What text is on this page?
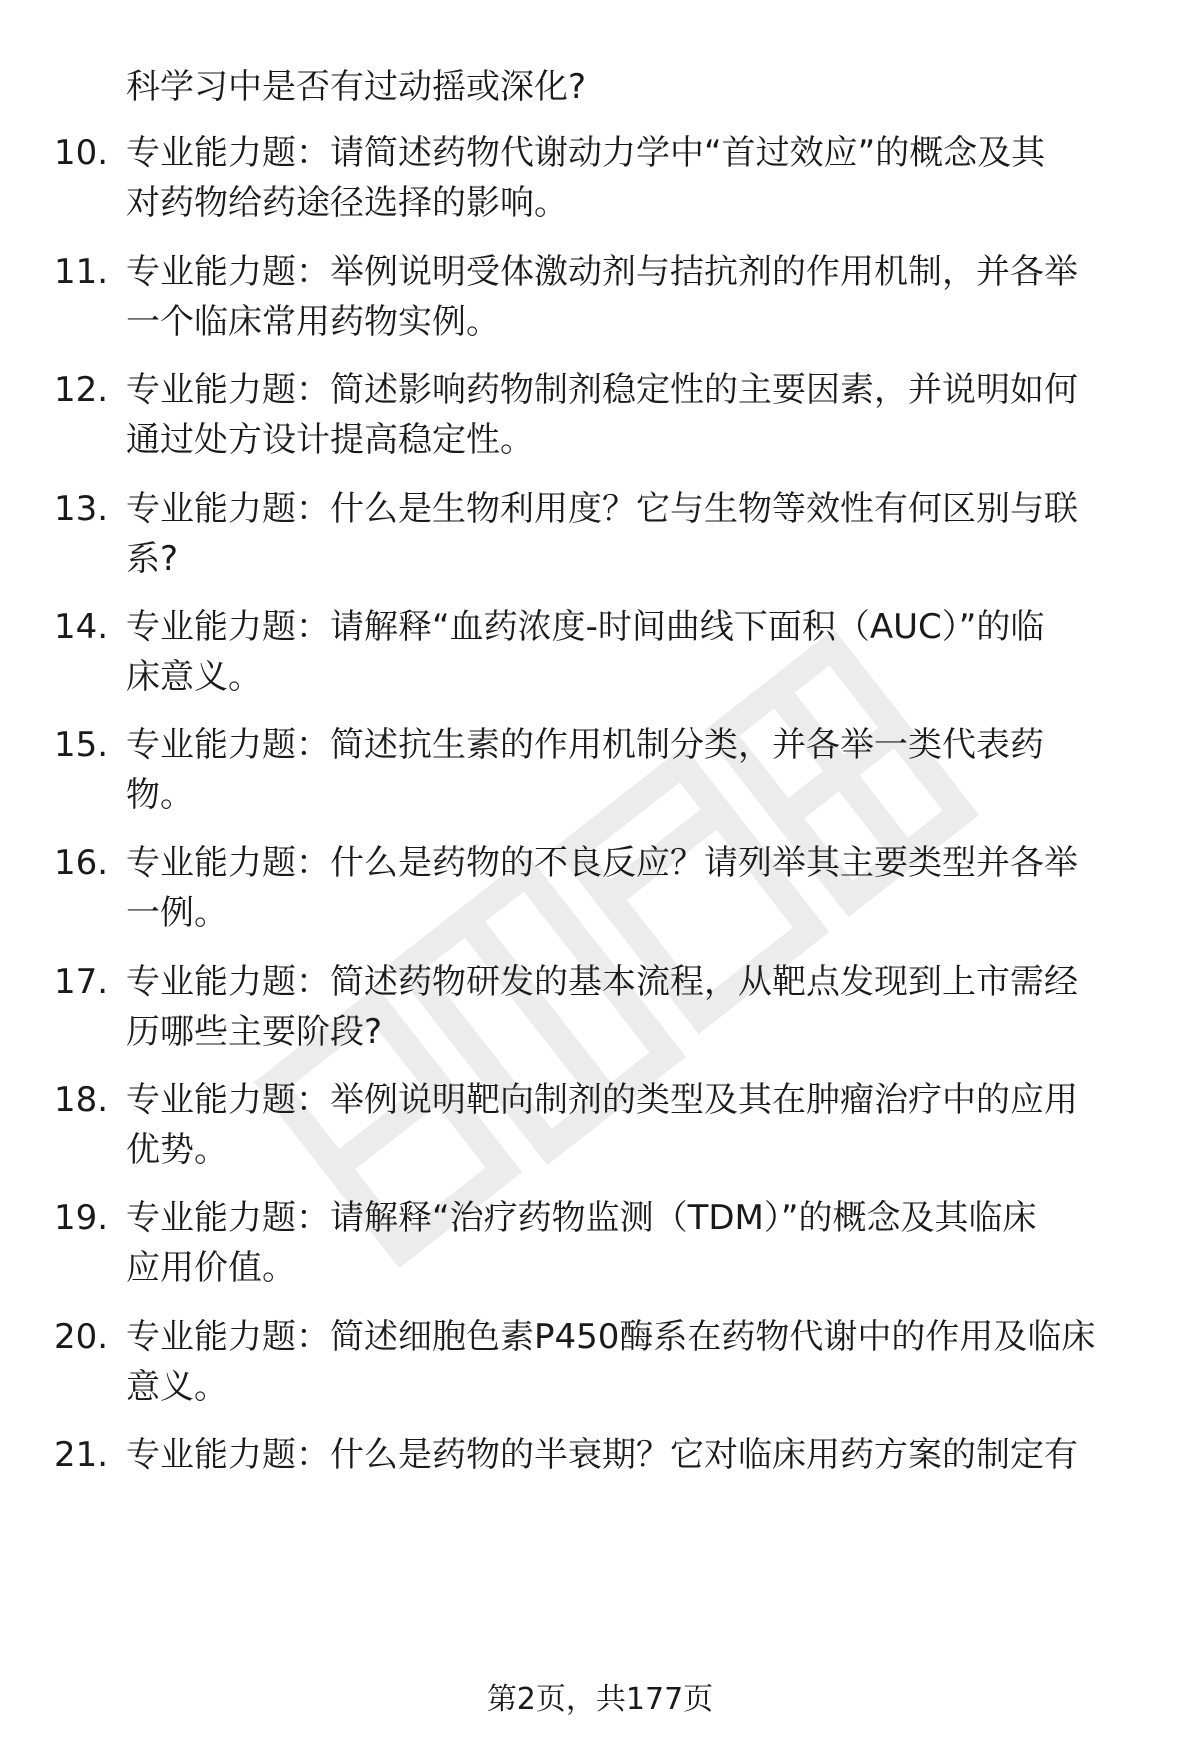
科学习中是否有过动摇或深化?

10. 专业能力题：请简述药物代谢动力学中“首过效应”的概念及其
对药物给药途径选择的影响。

11. 专业能力题：举例说明受体激动剂与拮抗剂的作用机制，并各举
一个临床常用药物实例。

12. 专业能力题：简述影响药物制剂稳定性的主要因素，并说明如何
通过处方设计提高稳定性。

13. 专业能力题：什么是生物利用度？它与生物等效性有何区别与联
系?

14. 专业能力题：请解释“血药浓度-时间曲线下面积（AUC）”的临
床意义。

15. 专业能力题：简述抗生素的作用机制分类，并各举一类代表药
物。

16. 专业能力题：什么是药物的不良反应？请列举其主要类型并各举
一例。

17. 专业能力题：简述药物研发的基本流程，从靶点发现到上市需经
历哪些主要阶段?

18. 专业能力题：举例说明靶向制剂的类型及其在肿瘤治疗中的应用
优势。

19. 专业能力题：请解释“治疗药物监测（TDM）”的概念及其临床
应用价值。

20. 专业能力题：简述细胞色素P450酶系在药物代谢中的作用及临床
意义。

21. 专业能力题：什么是药物的半衰期？它对临床用药方案的制定有

第2页，共177页
